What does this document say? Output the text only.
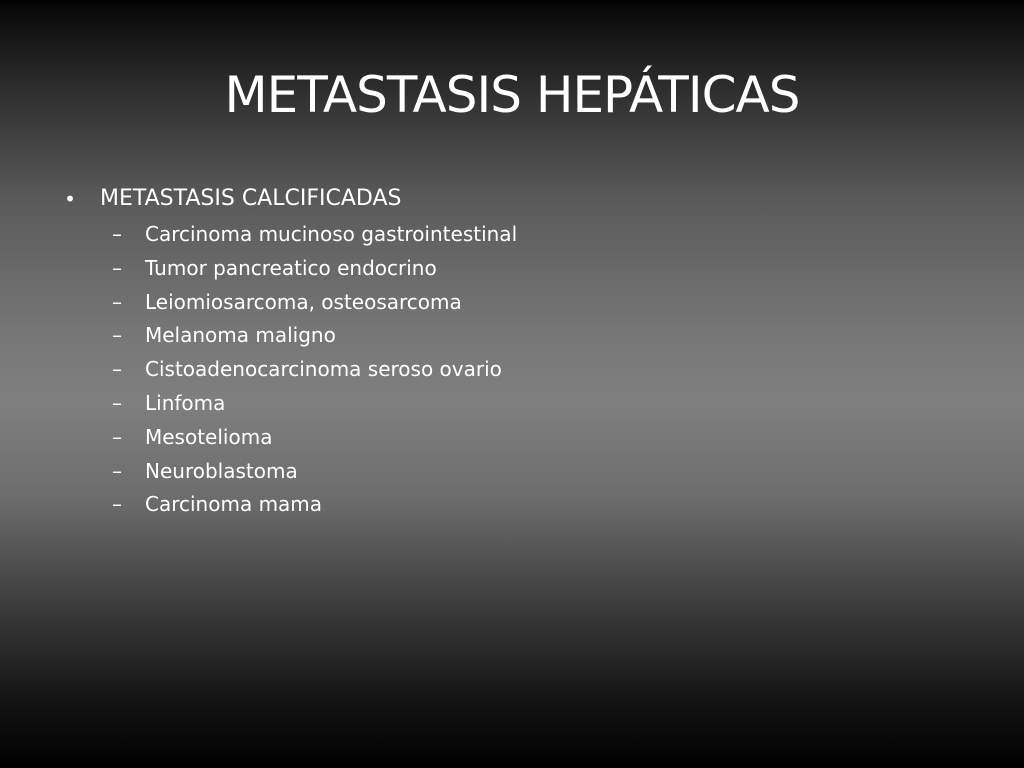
METASTASIS HEPÁTICAS
• METASTASIS CALCIFICADAS
– Carcinoma mucinoso gastrointestinal
– Tumor pancreatico endocrino
– Leiomiosarcoma, osteosarcoma
– Melanoma maligno
– Cistoadenocarcinoma seroso ovario
– Linfoma
– Mesotelioma
– Neuroblastoma
– Carcinoma mama
